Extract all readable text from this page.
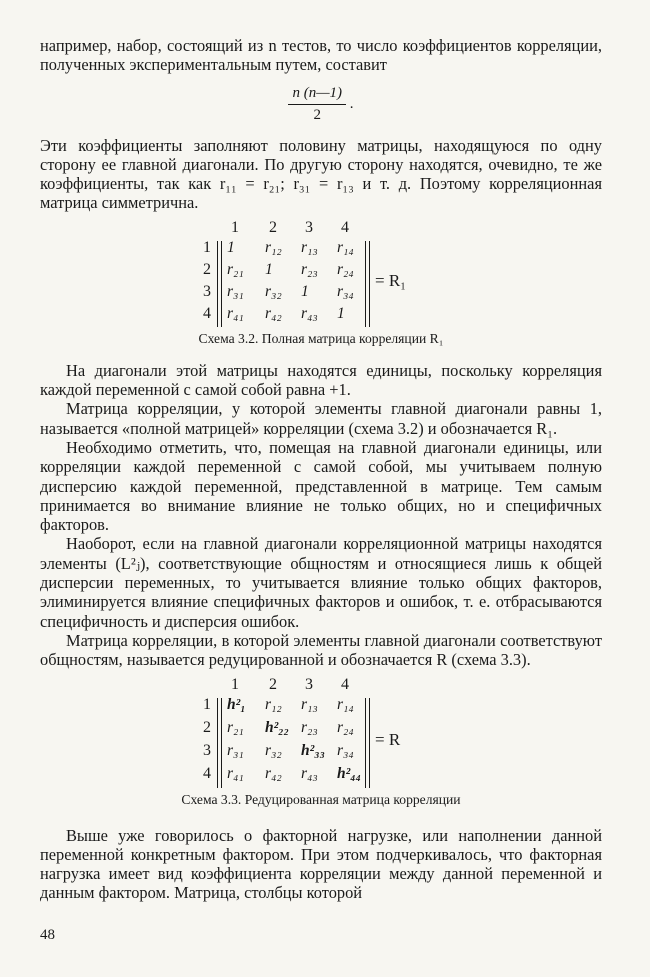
например, набор, состоящий из n тестов, то число коэффициентов корреляции, полученных экспериментальным путем, составит

$\frac{n (n—1)}{2}$ .

Эти коэффициенты заполняют половину матрицы, находящуюся по одну сторону ее главной диагонали. По другую сторону находятся, очевидно, те же коэффициенты, так как r₁₁ = r₂₁; r₃₁ = r₁₃ и т. д. Поэтому корреляционная матрица симметрична.

1 2 3 4
1
2
3
4
1 r₁₂ r₁₃ r₁₄
r₂₁ 1 r₂₃ r₂₄
r₃₁ r₃₂ 1 r₃₄
r₄₁ r₄₂ r₄₃ 1
= R₁
Схема 3.2. Полная матрица корреляции R₁

На диагонали этой матрицы находятся единицы, поскольку корреляция каждой переменной с самой собой равна +1.

Матрица корреляции, у которой элементы главной диагонали равны 1, называется «полной матрицей» корреляции (схема 3.2) и обозначается R₁.

Необходимо отметить, что, помещая на главной диагонали единицы, или корреляции каждой переменной с самой собой, мы учитываем полную дисперсию каждой переменной, представленной в матрице. Тем самым принимается во внимание влияние не только общих, но и специфичных факторов.

Наоборот, если на главной диагонали корреляционной матрицы находятся элементы (L²ⱼ), соответствующие общностям и относящиеся лишь к общей дисперсии переменных, то учитывается влияние только общих факторов, элиминируется влияние специфичных факторов и ошибок, т. е. отбрасываются специфичность и дисперсия ошибок.

Матрица корреляции, в которой элементы главной диагонали соответствуют общностям, называется редуцированной и обозначается R (схема 3.3).

1 2 3 4
1
2
3
4
h²₁ r₁₂ r₁₃ r₁₄
r₂₁ h²₂₂ r₂₃ r₂₄
r₃₁ r₃₂ h²₃₃ r₃₄
r₄₁ r₄₂ r₄₃ h²₄₄
= R
Схема 3.3. Редуцированная матрица корреляции

Выше уже говорилось о факторной нагрузке, или наполнении данной переменной конкретным фактором. При этом подчеркивалось, что факторная нагрузка имеет вид коэффициента корреляции между данной переменной и данным фактором. Матрица, столбцы которой

48
